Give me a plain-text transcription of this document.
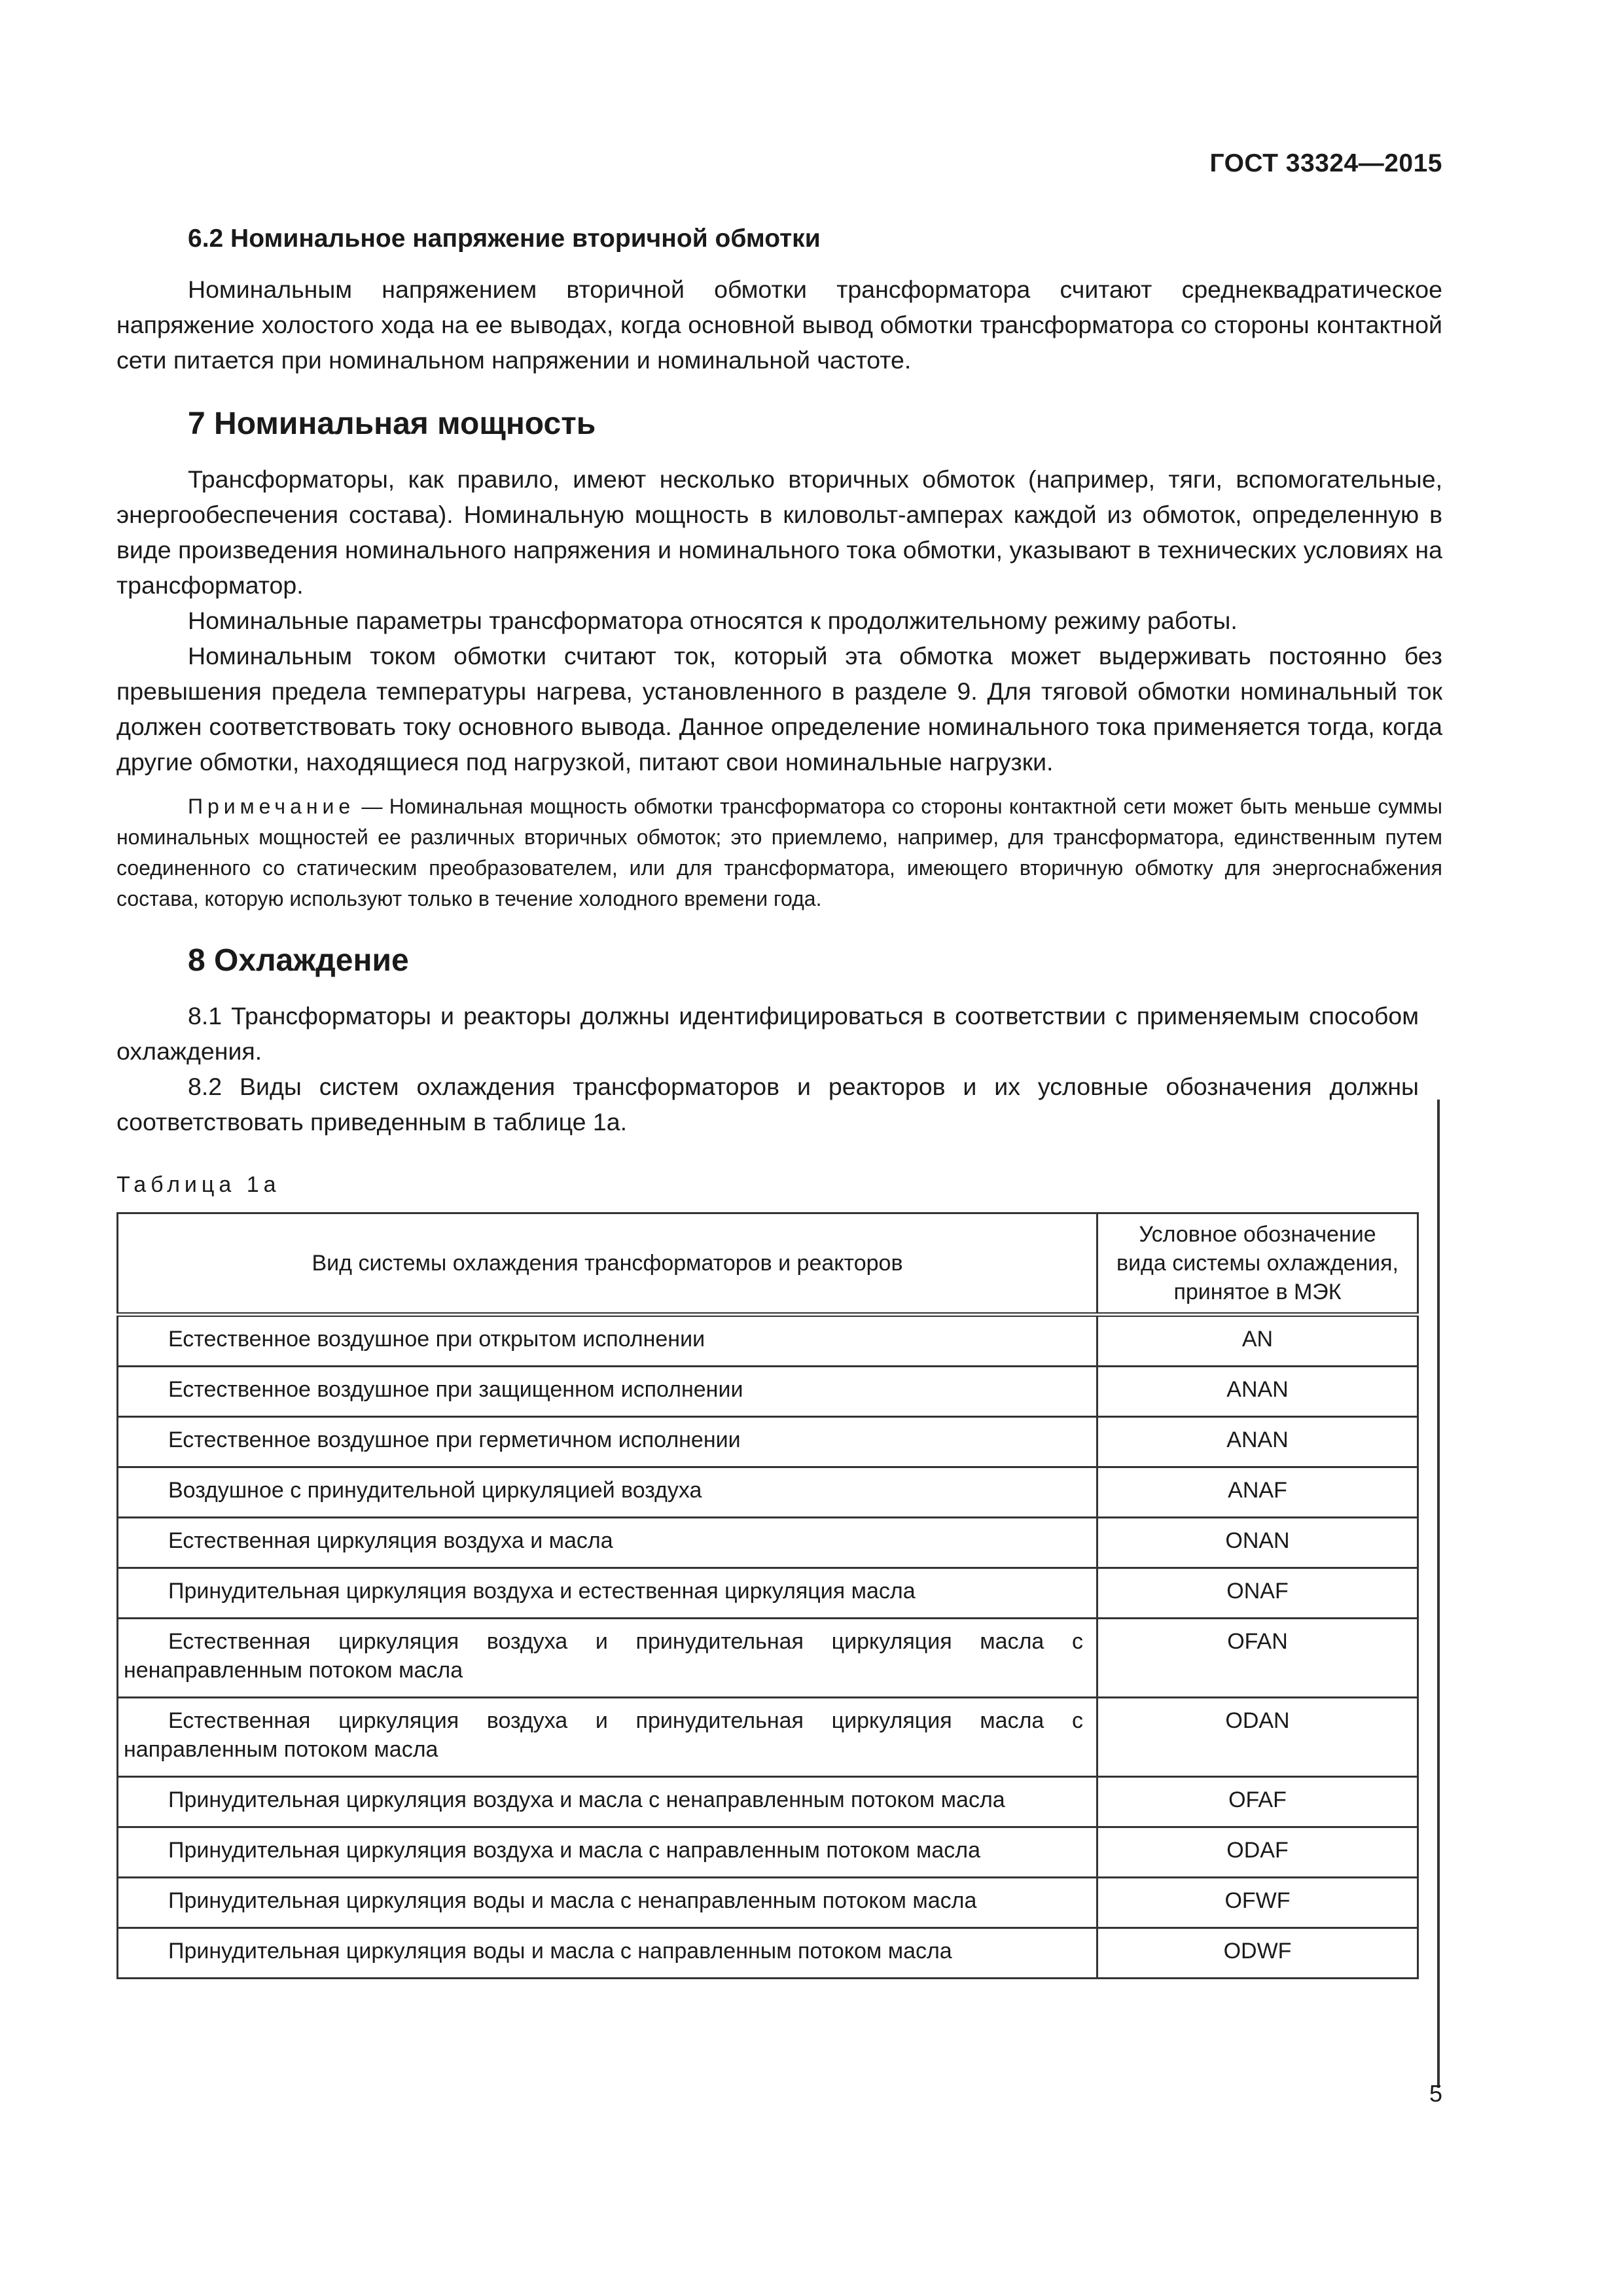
ГОСТ 33324—2015
6.2 Номинальное напряжение вторичной обмотки

Номинальным напряжением вторичной обмотки трансформатора считают среднеквадратическое напряжение холостого хода на ее выводах, когда основной вывод обмотки трансформатора со стороны контактной сети питается при номинальном напряжении и номинальной частоте.

7 Номинальная мощность

Трансформаторы, как правило, имеют несколько вторичных обмоток (например, тяги, вспомогательные, энергообеспечения состава). Номинальную мощность в киловольт-амперах каждой из обмоток, определенную в виде произведения номинального напряжения и номинального тока обмотки, указывают в технических условиях на трансформатор.

Номинальные параметры трансформатора относятся к продолжительному режиму работы.

Номинальным током обмотки считают ток, который эта обмотка может выдерживать постоянно без превышения предела температуры нагрева, установленного в разделе 9. Для тяговой обмотки номинальный ток должен соответствовать току основного вывода. Данное определение номинального тока применяется тогда, когда другие обмотки, находящиеся под нагрузкой, питают свои номинальные нагрузки.

Примечание — Номинальная мощность обмотки трансформатора со стороны контактной сети может быть меньше суммы номинальных мощностей ее различных вторичных обмоток; это приемлемо, например, для трансформатора, единственным путем соединенного со статическим преобразователем, или для трансформатора, имеющего вторичную обмотку для энергоснабжения состава, которую используют только в течение холодного времени года.
8 Охлаждение

8.1 Трансформаторы и реакторы должны идентифицироваться в соответствии с применяемым способом охлаждения.

8.2 Виды систем охлаждения трансформаторов и реакторов и их условные обозначения должны соответствовать приведенным в таблице 1а.

Таблица 1а
Вид системы охлаждения трансформаторов и реакторов	Условное обозначение вида системы охлаждения, принятое в МЭК

Естественное воздушное при открытом исполнении	AN
Естественное воздушное при защищенном исполнении	ANAN
Естественное воздушное при герметичном исполнении	ANAN
Воздушное с принудительной циркуляцией воздуха	ANAF
Естественная циркуляция воздуха и масла	ONAN
Принудительная циркуляция воздуха и естественная циркуляция масла	ONAF
Естественная циркуляция воздуха и принудительная циркуляция масла с ненаправленным потоком масла	OFAN
Естественная циркуляция воздуха и принудительная циркуляция масла с направленным потоком масла	ODAN
Принудительная циркуляция воздуха и масла с ненаправленным потоком масла	OFAF
Принудительная циркуляция воздуха и масла с направленным потоком масла	ODAF
Принудительная циркуляция воды и масла с ненаправленным потоком масла	OFWF
Принудительная циркуляция воды и масла с направленным потоком масла	ODWF
5
